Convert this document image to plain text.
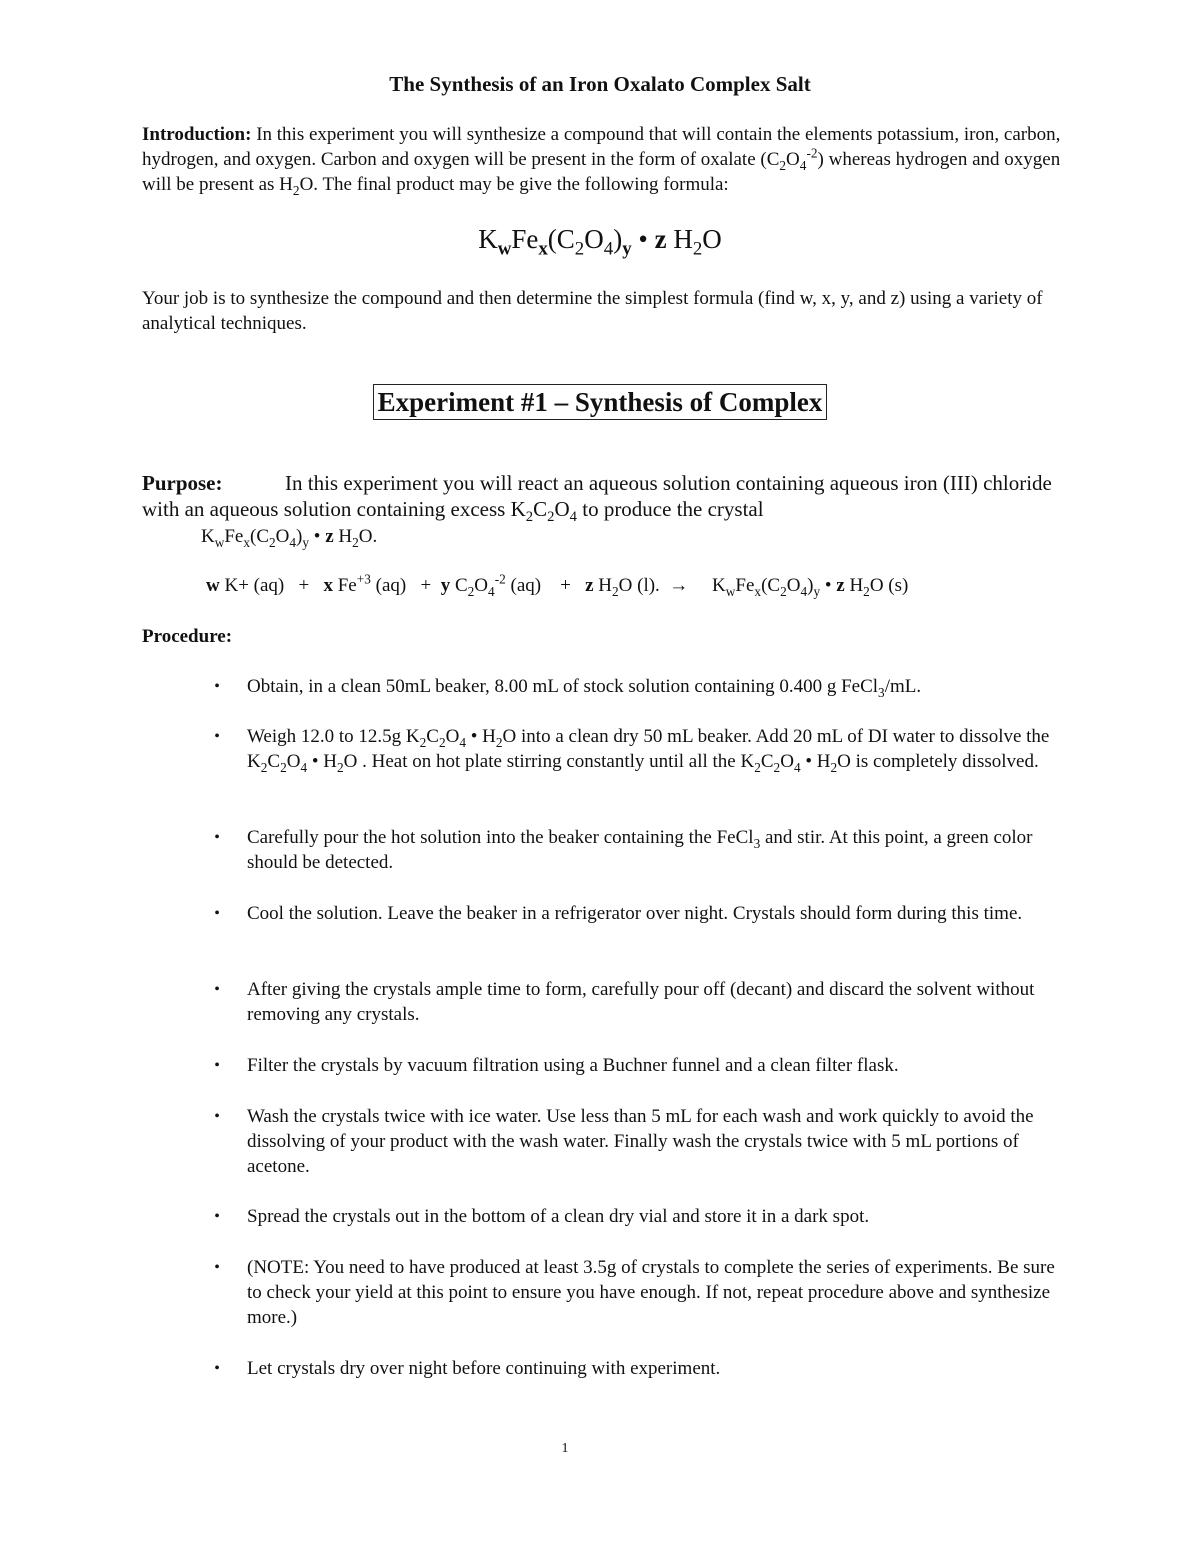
The Synthesis of an Iron Oxalato Complex Salt
Introduction: In this experiment you will synthesize a compound that will contain the elements potassium, iron, carbon, hydrogen, and oxygen. Carbon and oxygen will be present in the form of oxalate $(C_2O_4^{-2})$ whereas hydrogen and oxygen will be present as $H_2O$. The final product may be give the following formula:
$K_wFe_x(C_2O_4)_y$ • z $H_2O$
Your job is to synthesize the compound and then determine the simplest formula (find w, x, y, and z) using a variety of analytical techniques.
Experiment #1 – Synthesis of Complex
Purpose:	In this experiment you will react an aqueous solution containing aqueous iron (III) chloride with an aqueous solution containing excess $K_2C_2O_4$ to produce the crystal
$K_wFe_x(C_2O_4)_y$ • z $H_2O$.
w K+ (aq)   +   x $Fe^{+3}$ (aq)   +  y $C_2O_4^{-2}$ (aq)    +   z $H_2O$ (l).  →     $K_wFe_x(C_2O_4)_y$ • z $H_2O$ (s)
Procedure:
• Obtain, in a clean 50mL beaker, 8.00 mL of stock solution containing 0.400 g FeCl$_3$/mL.
• Weigh 12.0 to 12.5g $K_2C_2O_4$ • $H_2O$ into a clean dry 50 mL beaker. Add 20 mL of DI water to dissolve the $K_2C_2O_4$ • $H_2O$ . Heat on hot plate stirring constantly until all the $K_2C_2O_4$ • $H_2O$ is completely dissolved.
• Carefully pour the hot solution into the beaker containing the FeCl$_3$ and stir. At this point, a green color should be detected.
• Cool the solution. Leave the beaker in a refrigerator over night. Crystals should form during this time.
• After giving the crystals ample time to form, carefully pour off (decant) and discard the solvent without removing any crystals.
• Filter the crystals by vacuum filtration using a Buchner funnel and a clean filter flask.
• Wash the crystals twice with ice water. Use less than 5 mL for each wash and work quickly to avoid the dissolving of your product with the wash water. Finally wash the crystals twice with 5 mL portions of acetone.
• Spread the crystals out in the bottom of a clean dry vial and store it in a dark spot.
• (NOTE: You need to have produced at least 3.5g of crystals to complete the series of experiments. Be sure to check your yield at this point to ensure you have enough. If not, repeat procedure above and synthesize more.)
• Let crystals dry over night before continuing with experiment.
1
